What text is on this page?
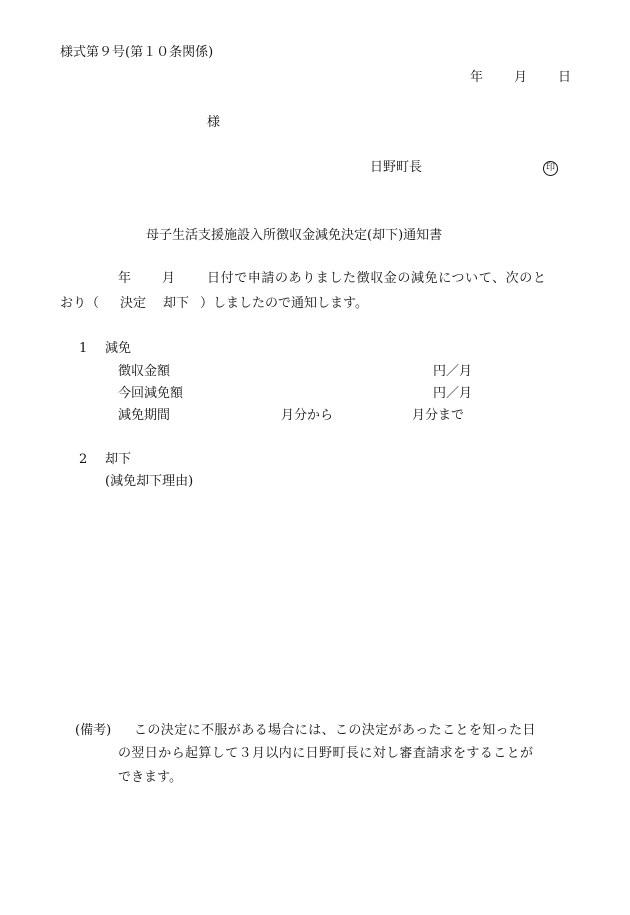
様式第９号(第１０条関係)
年 月 日
様
日野町長	印
母子生活支援施設入所徴収金減免決定(却下)通知書
年 月 日付で申請のありました徴収金の減免について、次のと
おり（ 決定 却下 ）しましたので通知します。
1 減免
徴収金額	円／月
今回減免額	円／月
減免期間	月分から	月分まで
2 却下
(減免却下理由)
(備考) この決定に不服がある場合には、この決定があったことを知った日
の翌日から起算して３月以内に日野町長に対し審査請求をすることが
できます。
